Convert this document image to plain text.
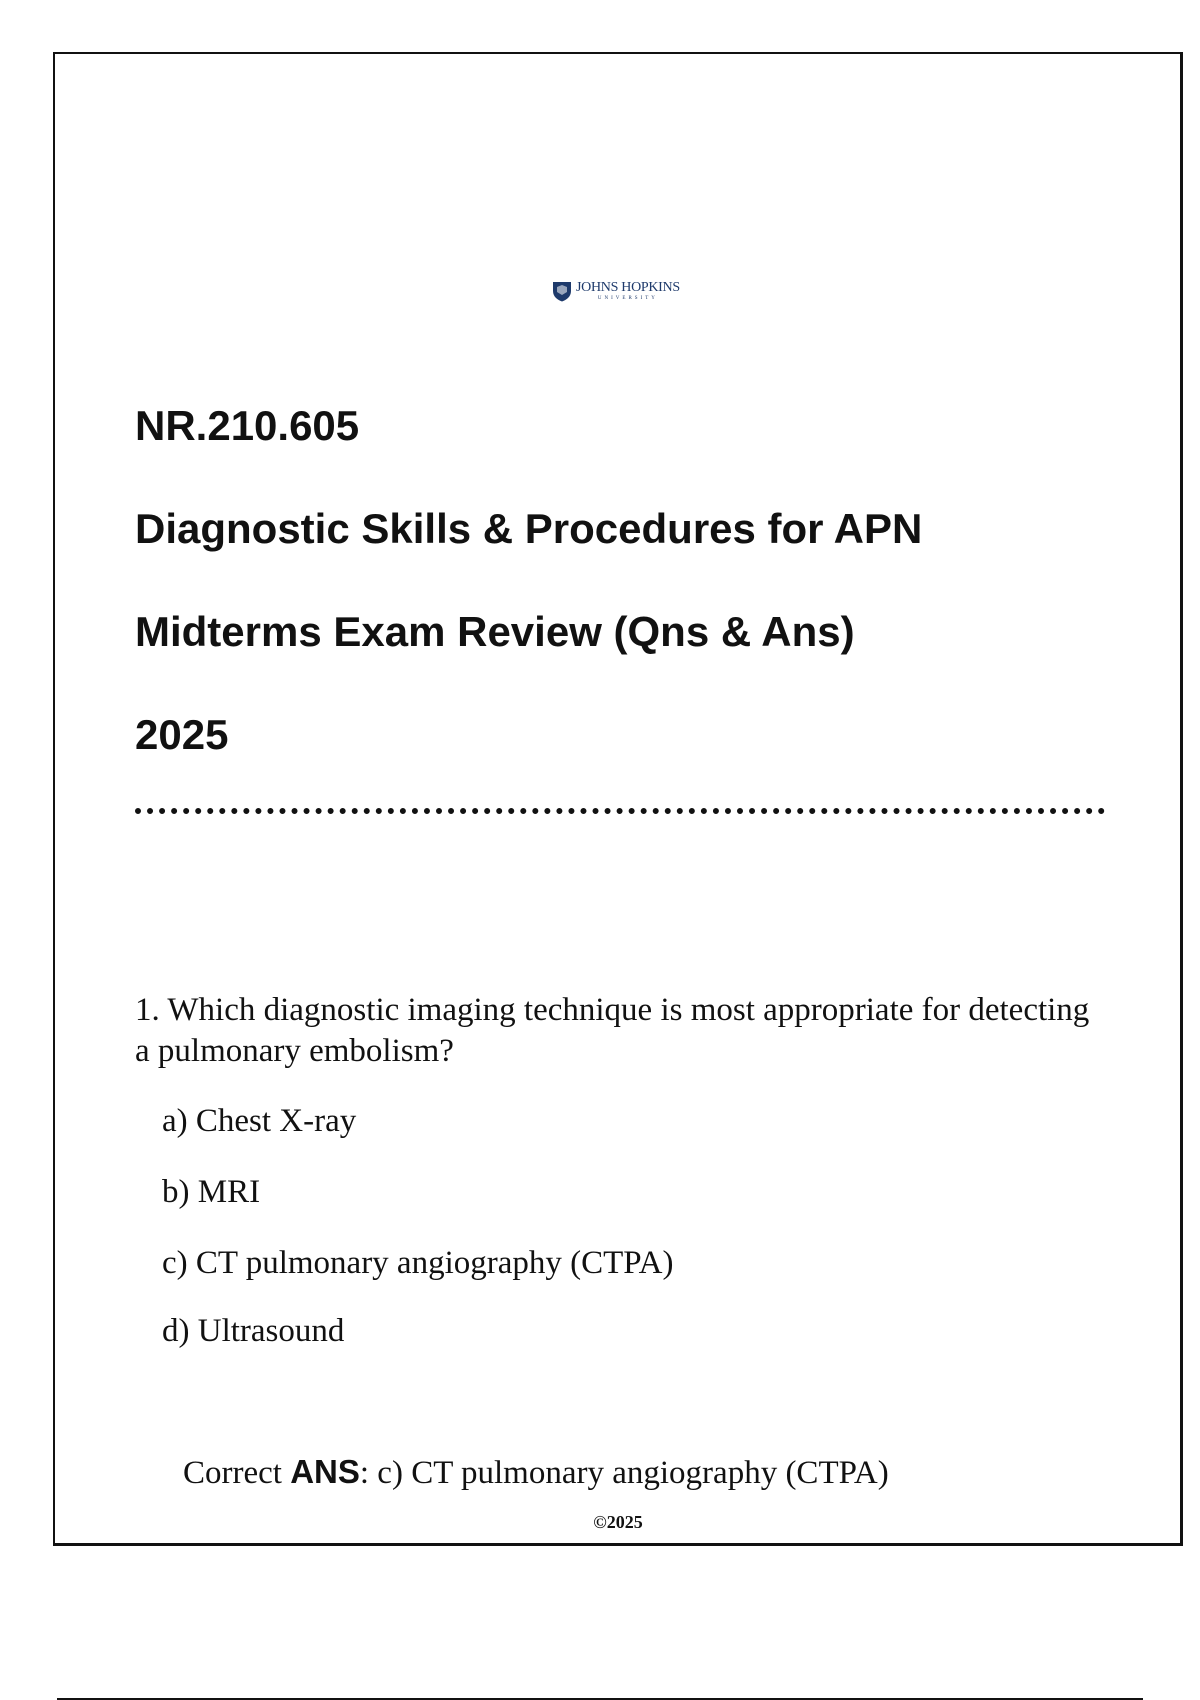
JOHNS HOPKINS
UNIVERSITY
NR.210.605
Diagnostic Skills & Procedures for APN
Midterms Exam Review (Qns & Ans)
2025

1. Which diagnostic imaging technique is most appropriate for detecting a pulmonary embolism?

a) Chest X-ray

b) MRI

c) CT pulmonary angiography (CTPA)

d) Ultrasound

Correct ANS: c) CT pulmonary angiography (CTPA)

©2025
